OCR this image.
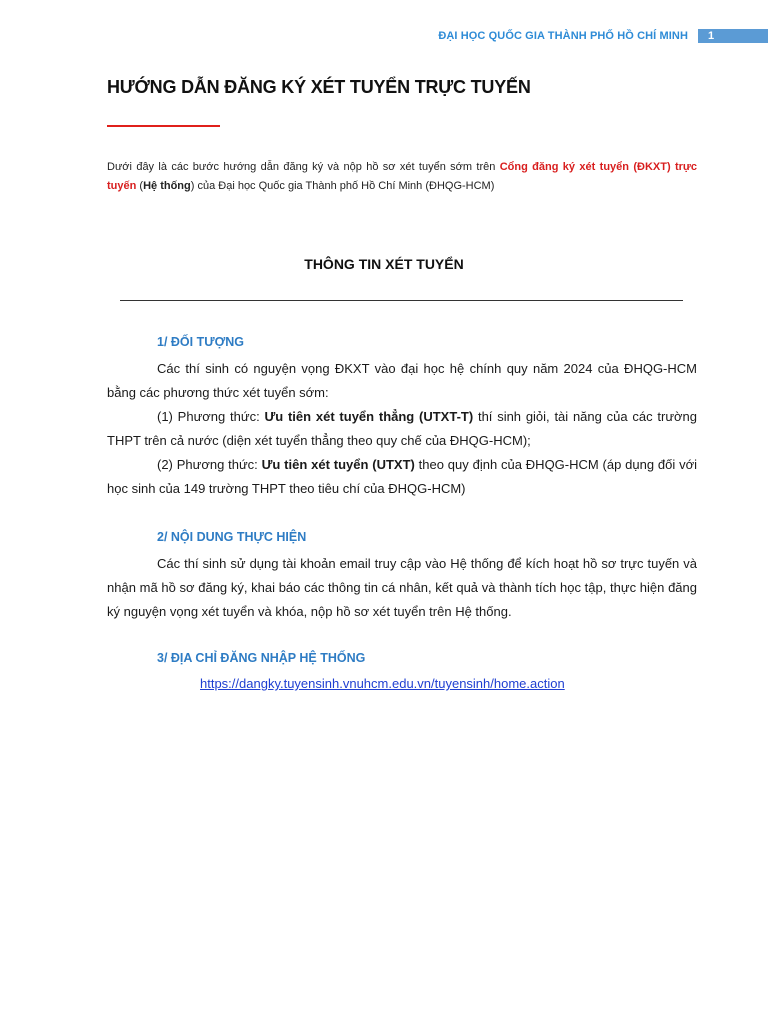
ĐẠI HỌC QUỐC GIA THÀNH PHỐ HỒ CHÍ MINH	1
HƯỚNG DẪN ĐĂNG KÝ XÉT TUYỂN TRỰC TUYẾN
Dưới đây là các bước hướng dẫn đăng ký và nộp hồ sơ xét tuyển sớm trên Cổng đăng ký xét tuyển (ĐKXT) trực tuyến (Hệ thống) của Đại học Quốc gia Thành phố Hồ Chí Minh (ĐHQG-HCM)
THÔNG TIN XÉT TUYỂN
1/ ĐỐI TƯỢNG
Các thí sinh có nguyện vọng ĐKXT vào đại học hệ chính quy năm 2024 của ĐHQG-HCM bằng các phương thức xét tuyển sớm:
(1) Phương thức: Ưu tiên xét tuyển thẳng (UTXT-T) thí sinh giỏi, tài năng của các trường THPT trên cả nước (diện xét tuyển thẳng theo quy chế của ĐHQG-HCM);
(2) Phương thức: Ưu tiên xét tuyển (UTXT) theo quy định của ĐHQG-HCM (áp dụng đối với học sinh của 149 trường THPT theo tiêu chí của ĐHQG-HCM)
2/ NỘI DUNG THỰC HIỆN
Các thí sinh sử dụng tài khoản email truy cập vào Hệ thống để kích hoạt hồ sơ trực tuyến và nhận mã hồ sơ đăng ký, khai báo các thông tin cá nhân, kết quả và thành tích học tập, thực hiện đăng ký nguyện vọng xét tuyển và khóa, nộp hồ sơ xét tuyển trên Hệ thống.
3/ ĐỊA CHỈ ĐĂNG NHẬP HỆ THỐNG
https://dangky.tuyensinh.vnuhcm.edu.vn/tuyensinh/home.action
